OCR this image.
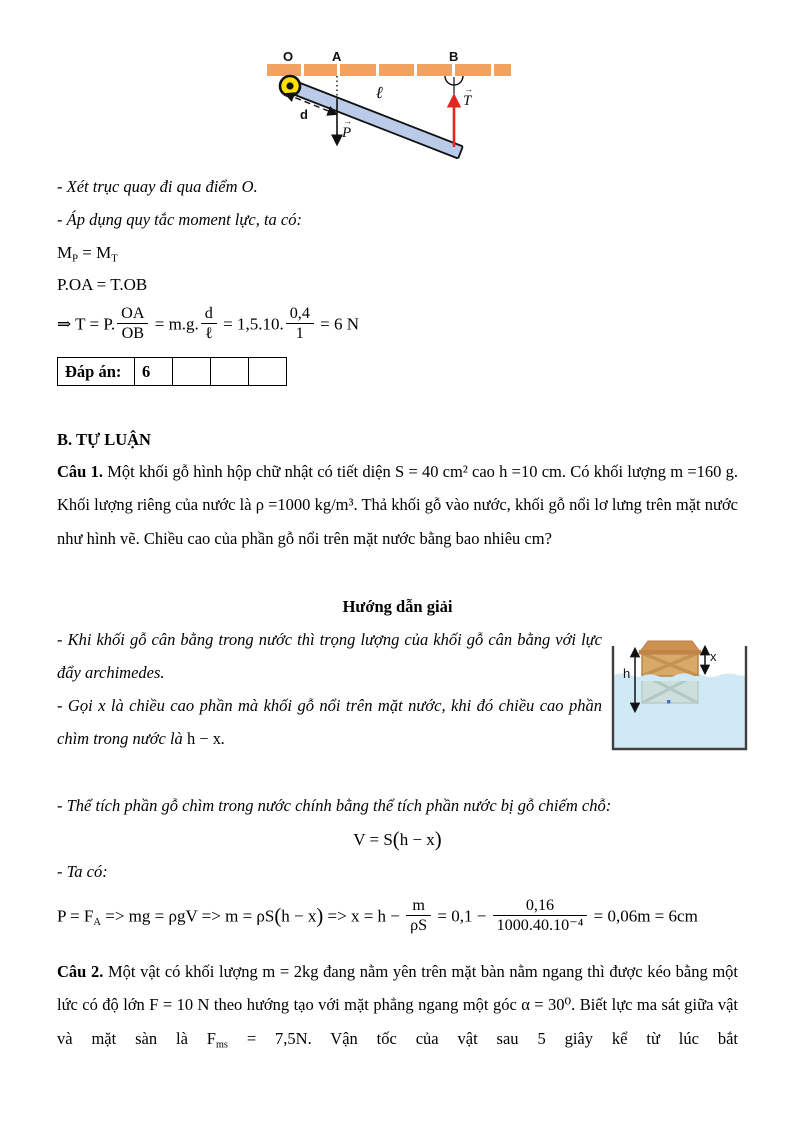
O	A	B
d
ℓ
→ P
→ T

- Xét trục quay đi qua điểm O.

- Áp dụng quy tắc moment lực, ta có:

$M_P = M_T$

P.OA = T.OB

⇒ T = P. $\frac{OA}{OB} = m.g$. $\frac{d}{\text{ℓ}} = 1,5.10$. $\frac{0,4}{1} = 6$ N

Đáp án:	6			

B. TỰ LUẬN

Câu 1. Một khối gỗ hình hộp chữ nhật có tiết diện S = 40 cm² cao h =10 cm. Có khối lượng m =160 g. Khối lượng riêng của nước là ρ =1000 kg/m³. Thả khối gỗ vào nước, khối gỗ nổi lơ lưng trên mặt nước như hình vẽ. Chiều cao của phần gỗ nổi trên mặt nước bằng bao nhiêu cm?

Hướng dẫn giải

- Khi khối gỗ cân bằng trong nước thì trọng lượng của khối gỗ cân bằng với lực đẩy archimedes.

- Gọi x là chiều cao phần mà khối gỗ nổi trên mặt nước, khi đó chiều cao phần chìm trong nước là h − x.

h
x

- Thể tích phần gỗ chìm trong nước chính bằng thể tích phần nước bị gỗ chiếm chỗ:

V = S(h − x)

- Ta có:

$P = F_A$ => mg = $\rho gV => m = \rho S(h - x) => x = h - \frac{m}{\rho S} = 0,1 - \frac{0,16}{\text{1000.40.10⁻⁴}} = 0,06m = 6cm$

Câu 2. Một vật có khối lượng m = 2kg đang nằm yên trên mặt bàn nằm ngang thì được kéo bằng một lức có độ lớn F = 10 N theo hướng tạo với mặt phẳng ngang một góc α = 30⁰. Biết lực ma sát giữa vật và mặt sàn là $F_{ms} = 7,5N$. Vận tốc của vật sau 5 giây kể từ lúc bắt
